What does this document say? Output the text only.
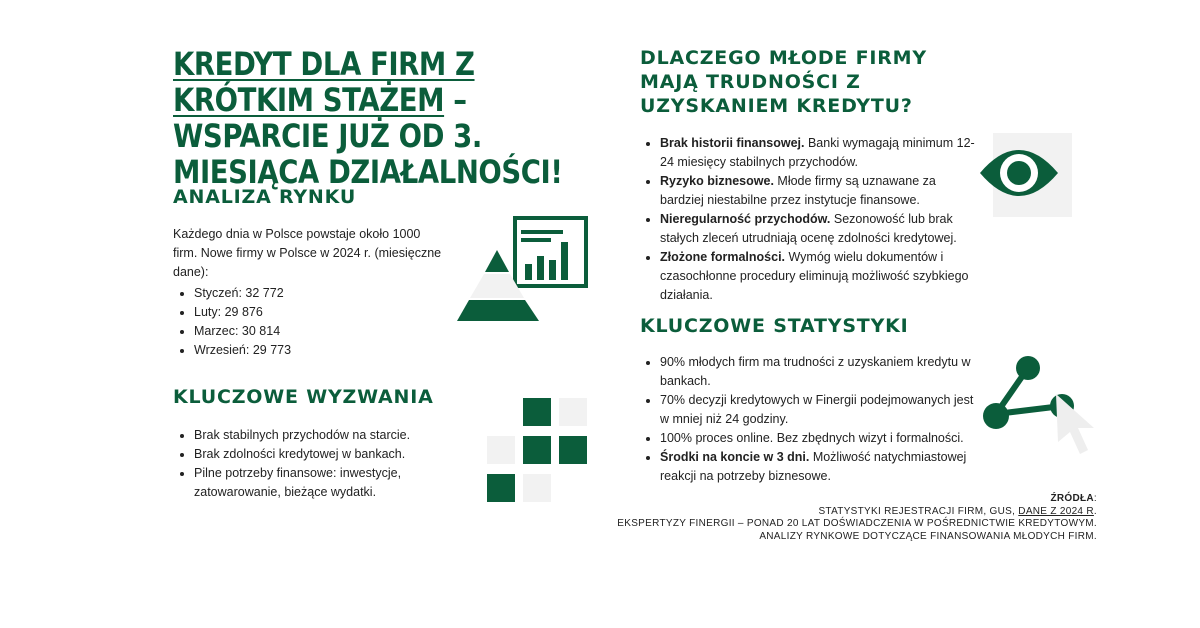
KREDYT DLA FIRM Z KRÓTKIM STAŻEM – WSPARCIE JUŻ OD 3. MIESIĄCA DZIAŁALNOŚCI!
ANALIZA RYNKU
Każdego dnia w Polsce powstaje około 1000 firm. Nowe firmy w Polsce w 2024 r. (miesięczne dane):
• Styczeń: 32 772
• Luty: 29 876
• Marzec: 30 814
• Wrzesień: 29 773
KLUCZOWE WYZWANIA
• Brak stabilnych przychodów na starcie.
• Brak zdolności kredytowej w bankach.
• Pilne potrzeby finansowe: inwestycje, zatowarowanie, bieżące wydatki.
DLACZEGO MŁODE FIRMY MAJĄ TRUDNOŚCI Z UZYSKANIEM KREDYTU?
• Brak historii finansowej. Banki wymagają minimum 12-24 miesięcy stabilnych przychodów.
• Ryzyko biznesowe. Młode firmy są uznawane za bardziej niestabilne przez instytucje finansowe.
• Nieregularność przychodów. Sezonowość lub brak stałych zleceń utrudniają ocenę zdolności kredytowej.
• Złożone formalności. Wymóg wielu dokumentów i czasochłonne procedury eliminują możliwość szybkiego działania.
KLUCZOWE STATYSTYKI
• 90% młodych firm ma trudności z uzyskaniem kredytu w bankach.
• 70% decyzji kredytowych w Finergii podejmowanych jest w mniej niż 24 godziny.
• 100% proces online. Bez zbędnych wizyt i formalności.
• Środki na koncie w 3 dni. Możliwość natychmiastowej reakcji na potrzeby biznesowe.
ŹRÓDŁA:
STATYSTYKI REJESTRACJI FIRM, GUS, DANE Z 2024 R.
EKSPERTYZY FINERGII – PONAD 20 LAT DOŚWIADCZENIA W POŚREDNICTWIE KREDYTOWYM.
ANALIZY RYNKOWE DOTYCZĄCE FINANSOWANIA MŁODYCH FIRM.
